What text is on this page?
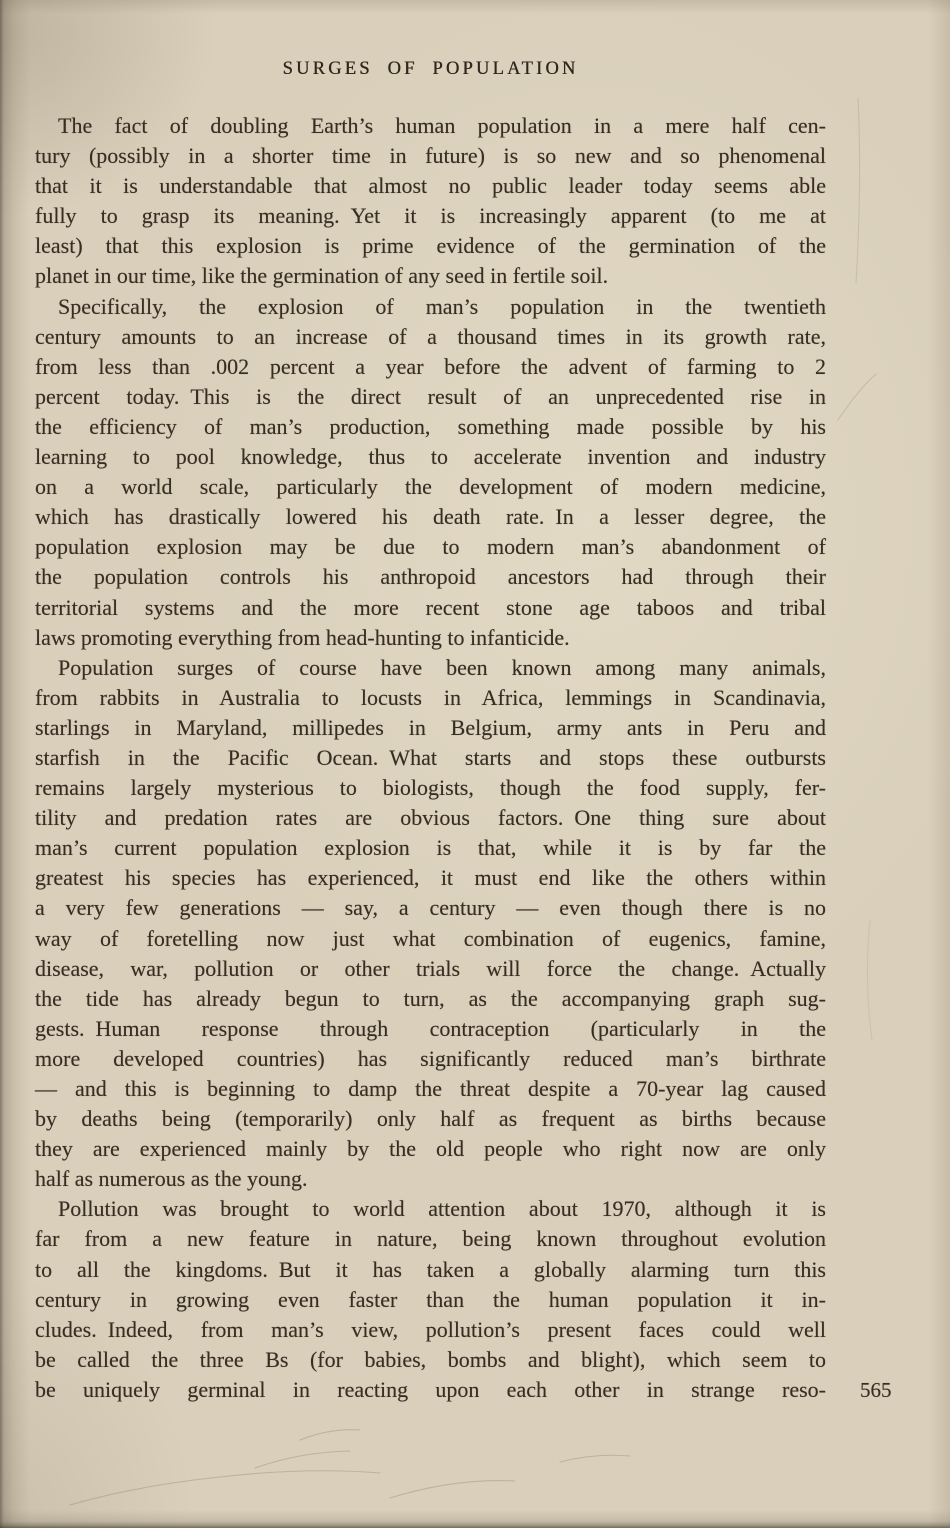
SURGES OF POPULATION
The fact of doubling Earth’s human population in a mere half cen-
tury (possibly in a shorter time in future) is so new and so phenomenal
that it is understandable that almost no public leader today seems able
fully to grasp its meaning. Yet it is increasingly apparent (to me at
least) that this explosion is prime evidence of the germination of the
planet in our time, like the germination of any seed in fertile soil.
Specifically, the explosion of man’s population in the twentieth
century amounts to an increase of a thousand times in its growth rate,
from less than .002 percent a year before the advent of farming to 2
percent today. This is the direct result of an unprecedented rise in
the efficiency of man’s production, something made possible by his
learning to pool knowledge, thus to accelerate invention and industry
on a world scale, particularly the development of modern medicine,
which has drastically lowered his death rate. In a lesser degree, the
population explosion may be due to modern man’s abandonment of
the population controls his anthropoid ancestors had through their
territorial systems and the more recent stone age taboos and tribal
laws promoting everything from head-hunting to infanticide.
Population surges of course have been known among many animals,
from rabbits in Australia to locusts in Africa, lemmings in Scandinavia,
starlings in Maryland, millipedes in Belgium, army ants in Peru and
starfish in the Pacific Ocean. What starts and stops these outbursts
remains largely mysterious to biologists, though the food supply, fer-
tility and predation rates are obvious factors. One thing sure about
man’s current population explosion is that, while it is by far the
greatest his species has experienced, it must end like the others within
a very few generations — say, a century — even though there is no
way of foretelling now just what combination of eugenics, famine,
disease, war, pollution or other trials will force the change. Actually
the tide has already begun to turn, as the accompanying graph sug-
gests. Human response through contraception (particularly in the
more developed countries) has significantly reduced man’s birthrate
— and this is beginning to damp the threat despite a 70-year lag caused
by deaths being (temporarily) only half as frequent as births because
they are experienced mainly by the old people who right now are only
half as numerous as the young.
Pollution was brought to world attention about 1970, although it is
far from a new feature in nature, being known throughout evolution
to all the kingdoms. But it has taken a globally alarming turn this
century in growing even faster than the human population it in-
cludes. Indeed, from man’s view, pollution’s present faces could well
be called the three Bs (for babies, bombs and blight), which seem to
be uniquely germinal in reacting upon each other in strange reso- 565
